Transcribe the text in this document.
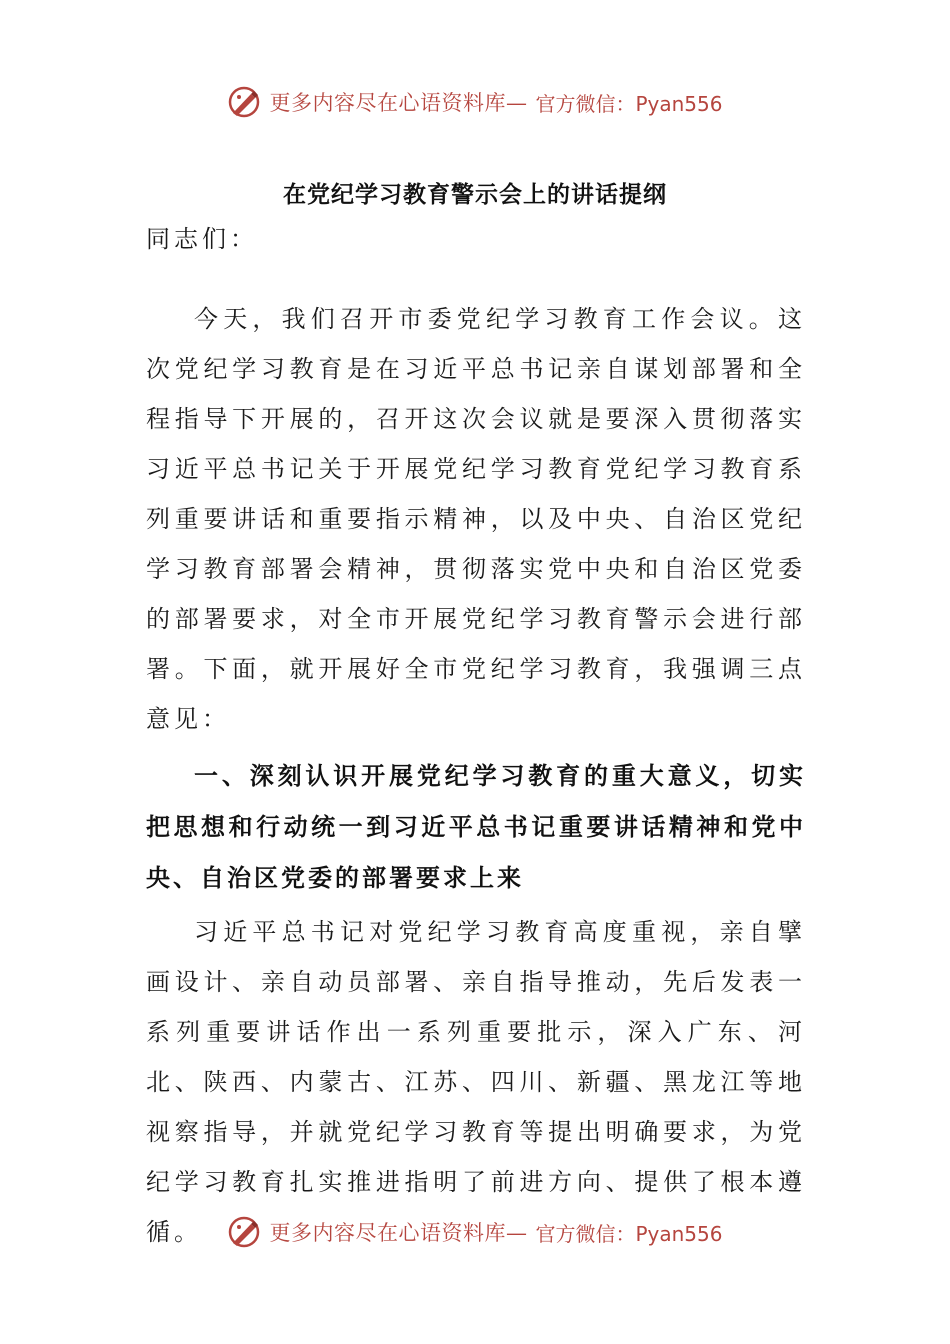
更多内容尽在心语资料库— 官方微信：Pyan556
在党纪学习教育警示会上的讲话提纲

同志们：

今天，我们召开市委党纪学习教育工作会议。这次党纪学习教育是在习近平总书记亲自谋划部署和全程指导下开展的，召开这次会议就是要深入贯彻落实习近平总书记关于开展党纪学习教育党纪学习教育系列重要讲话和重要指示精神，以及中央、自治区党纪学习教育部署会精神，贯彻落实党中央和自治区党委的部署要求，对全市开展党纪学习教育警示会进行部署。下面，就开展好全市党纪学习教育，我强调三点意见：

一、深刻认识开展党纪学习教育的重大意义，切实把思想和行动统一到习近平总书记重要讲话精神和党中央、自治区党委的部署要求上来

习近平总书记对党纪学习教育高度重视，亲自擘画设计、亲自动员部署、亲自指导推动，先后发表一系列重要讲话作出一系列重要批示，深入广东、河北、陕西、内蒙古、江苏、四川、新疆、黑龙江等地视察指导，并就党纪学习教育等提出明确要求，为党纪学习教育扎实推进指明了前进方向、提供了根本遵循。	更多内容尽在心语资料库— 官方微信：Pyan556
